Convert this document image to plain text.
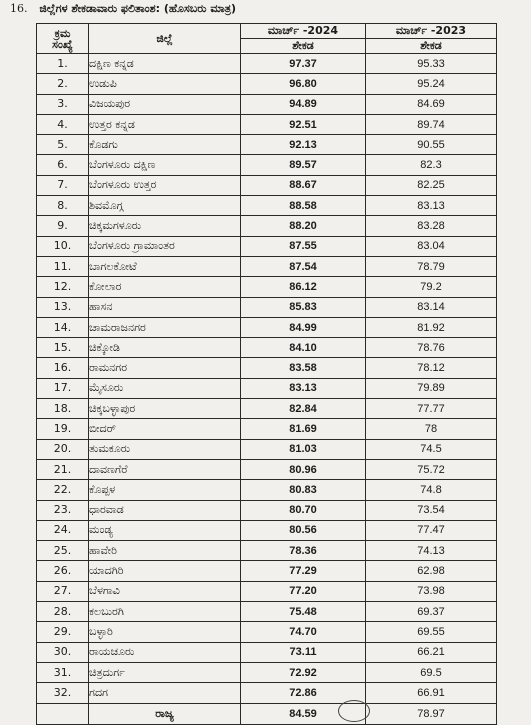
16. ಜಿಲ್ಲೆಗಳ ಶೇಕಡಾವಾರು ಫಲಿತಾಂಶ: (ಹೊಸಬರು ಮಾತ್ರ)
ಕ್ರಮ
ಸಂಖ್ಯೆ	ಜಿಲ್ಲೆ	ಮಾರ್ಚ್ -2024	ಮಾರ್ಚ್ -2023
		ಶೇಕಡ	ಶೇಕಡ
1.	ದಕ್ಷಿಣ ಕನ್ನಡ	97.37	95.33
2.	ಉಡುಪಿ	96.80	95.24
3.	ವಿಜಯಪುರ	94.89	84.69
4.	ಉತ್ತರ ಕನ್ನಡ	92.51	89.74
5.	ಕೊಡಗು	92.13	90.55
6.	ಬೆಂಗಳೂರು ದಕ್ಷಿಣ	89.57	82.3
7.	ಬೆಂಗಳೂರು ಉತ್ತರ	88.67	82.25
8.	ಶಿವಮೊಗ್ಗ	88.58	83.13
9.	ಚಿಕ್ಕಮಗಳೂರು	88.20	83.28
10.	ಬೆಂಗಳೂರು ಗ್ರಾಮಾಂತರ	87.55	83.04
11.	ಬಾಗಲಕೋಟೆ	87.54	78.79
12.	ಕೋಲಾರ	86.12	79.2
13.	ಹಾಸನ	85.83	83.14
14.	ಚಾಮರಾಜನಗರ	84.99	81.92
15.	ಚಿಕ್ಕೋಡಿ	84.10	78.76
16.	ರಾಮನಗರ	83.58	78.12
17.	ಮೈಸೂರು	83.13	79.89
18.	ಚಿಕ್ಕಬಳ್ಳಾಪುರ	82.84	77.77
19.	ಬೀದರ್	81.69	78
20.	ತುಮಕೂರು	81.03	74.5
21.	ದಾವಣಗೆರೆ	80.96	75.72
22.	ಕೊಪ್ಪಳ	80.83	74.8
23.	ಧಾರವಾಡ	80.70	73.54
24.	ಮಂಡ್ಯ	80.56	77.47
25.	ಹಾವೇರಿ	78.36	74.13
26.	ಯಾದಗಿರಿ	77.29	62.98
27.	ಬೆಳಗಾವಿ	77.20	73.98
28.	ಕಲಬುರಗಿ	75.48	69.37
29.	ಬಳ್ಳಾರಿ	74.70	69.55
30.	ರಾಯಚೂರು	73.11	66.21
31.	ಚಿತ್ರದುರ್ಗ	72.92	69.5
32.	ಗದಗ	72.86	66.91
	ರಾಜ್ಯ	84.59	78.97
